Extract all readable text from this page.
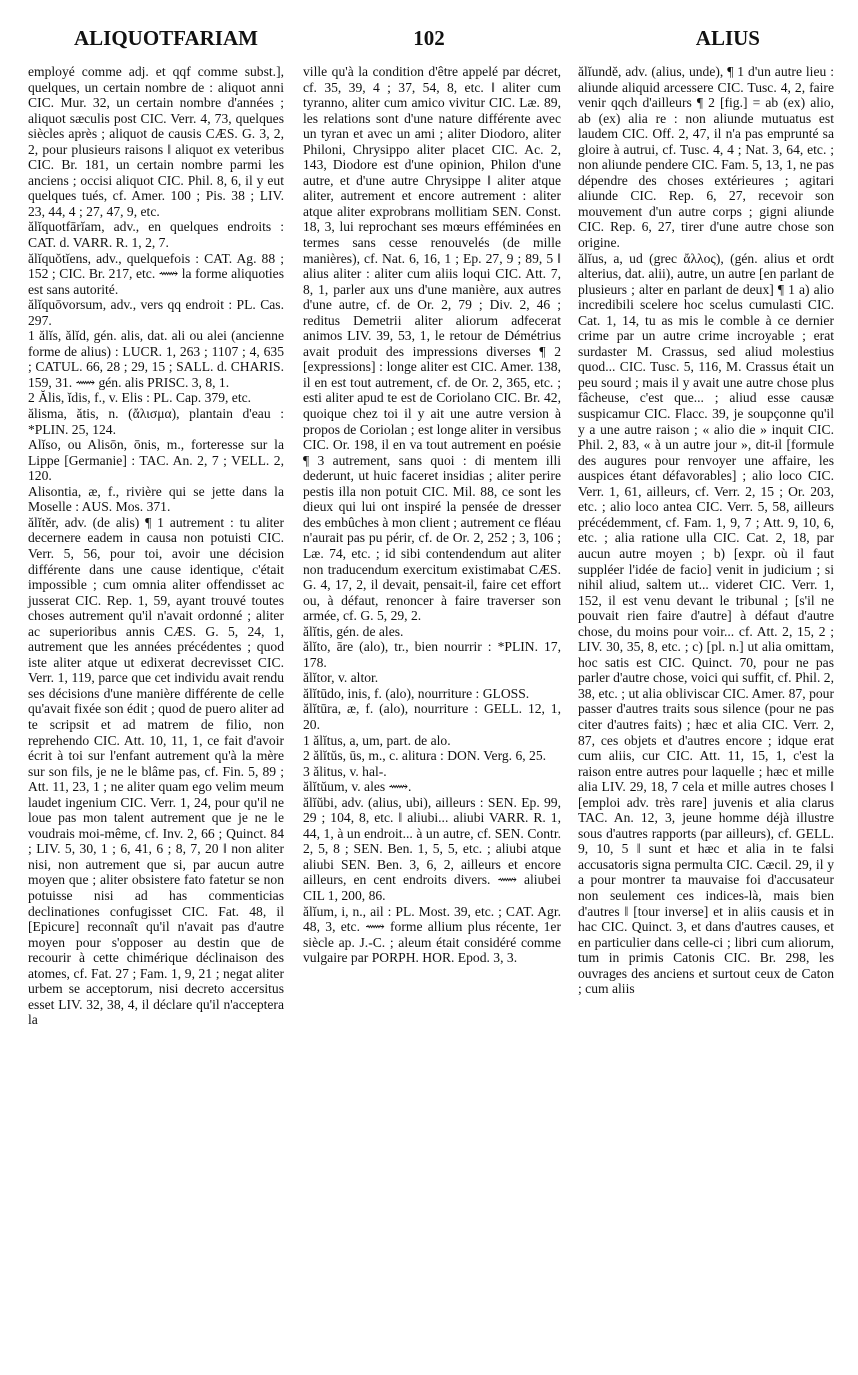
ALIQUOTFARIAM	102	ALIUS

employé comme adj. et qqf comme subst.], quelques, un certain nombre de : aliquot anni CIC. Mur. 32, un certain nombre d'années ; aliquot sæculis post CIC. Verr. 4, 73, quelques siècles après ; aliquot de causis CÆS. G. 3, 2, 2, pour plusieurs raisons ‖ aliquot ex veteribus CIC. Br. 181, un certain nombre parmi les anciens ; occisi aliquot CIC. Phil. 8, 6, il y eut quelques tués, cf. Amer. 100 ; Pis. 38 ; LIV. 23, 44, 4 ; 27, 47, 9, etc.

ălĭquotfārĭam, adv., en quelques endroits : CAT. d. VARR. R. 1, 2, 7.

ălĭquŏtĭens, adv., quelquefois : CAT. Ag. 88 ; 152 ; CIC. Br. 217, etc. ⟿ la forme aliquoties est sans autorité.

ălĭquōvorsum, adv., vers qq endroit : PL. Cas. 297.

1 ălĭs, ălĭd, gén. alis, dat. ali ou alei (ancienne forme de alius) : LUCR. 1, 263 ; 1107 ; 4, 635 ; CATUL. 66, 28 ; 29, 15 ; SALL. d. CHARIS. 159, 31. ⟿ gén. alis PRISC. 3, 8, 1.

2 Ălis, ĭdis, f., v. Elis : PL. Cap. 379, etc.

ălisma, ătis, n. (ἄλισμα), plantain d'eau : *PLIN. 25, 124.

Alĭso, ou Alisōn, ōnis, m., forteresse sur la Lippe [Germanie] : TAC. An. 2, 7 ; VELL. 2, 120.

Alisontia, æ, f., rivière qui se jette dans la Moselle : AUS. Mos. 371.

ălĭtĕr, adv. (de alis) ¶ 1 autrement : tu aliter decernere eadem in causa non potuisti CIC. Verr. 5, 56, pour toi, avoir une décision différente dans une cause identique, c'était impossible ; cum omnia aliter offendisset ac jusserat CIC. Rep. 1, 59, ayant trouvé toutes choses autrement qu'il n'avait ordonné ; aliter ac superioribus annis CÆS. G. 5, 24, 1, autrement que les années précédentes ; quod iste aliter atque ut edixerat decrevisset CIC. Verr. 1, 119, parce que cet individu avait rendu ses décisions d'une manière différente de celle qu'avait fixée son édit ; quod de puero aliter ad te scripsit et ad matrem de filio, non reprehendo CIC. Att. 10, 11, 1, ce fait d'avoir écrit à toi sur l'enfant autrement qu'à la mère sur son fils, je ne le blâme pas, cf. Fin. 5, 89 ; Att. 11, 23, 1 ; ne aliter quam ego velim meum laudet ingenium CIC. Verr. 1, 24, pour qu'il ne loue pas mon talent autrement que je ne le voudrais moi-même, cf. Inv. 2, 66 ; Quinct. 84 ; LIV. 5, 30, 1 ; 6, 41, 6 ; 8, 7, 20 ‖ non aliter nisi, non autrement que si, par aucun autre moyen que ; aliter obsistere fato fatetur se non potuisse nisi ad has commenticias declinationes confugisset CIC. Fat. 48, il [Epicure] reconnaît qu'il n'avait pas d'autre moyen pour s'opposer au destin que de recourir à cette chimérique déclinaison des atomes, cf. Fat. 27 ; Fam. 1, 9, 21 ; negat aliter urbem se acceptorum, nisi decreto accersitus esset LIV. 32, 38, 4, il déclare qu'il n'acceptera la

ville qu'à la condition d'être appelé par décret, cf. 35, 39, 4 ; 37, 54, 8, etc. ‖ aliter cum tyranno, aliter cum amico vivitur CIC. Læ. 89, les relations sont d'une nature différente avec un tyran et avec un ami ; aliter Diodoro, aliter Philoni, Chrysippo aliter placet CIC. Ac. 2, 143, Diodore est d'une opinion, Philon d'une autre, et d'une autre Chrysippe ‖ aliter atque aliter, autrement et encore autrement : aliter atque aliter exprobrans mollitiam SEN. Const. 18, 3, lui reprochant ses mœurs efféminées en termes sans cesse renouvelés (de mille manières), cf. Nat. 6, 16, 1 ; Ep. 27, 9 ; 89, 5 ‖ alius aliter : aliter cum aliis loqui CIC. Att. 7, 8, 1, parler aux uns d'une manière, aux autres d'une autre, cf. de Or. 2, 79 ; Div. 2, 46 ; reditus Demetrii aliter aliorum adfecerat animos LIV. 39, 53, 1, le retour de Démétrius avait produit des impressions diverses ¶ 2 [expressions] : longe aliter est CIC. Amer. 138, il en est tout autrement, cf. de Or. 2, 365, etc. ; esti aliter apud te est de Coriolano CIC. Br. 42, quoique chez toi il y ait une autre version à propos de Coriolan ; est longe aliter in versibus CIC. Or. 198, il en va tout autrement en poésie ¶ 3 autrement, sans quoi : di mentem illi dederunt, ut huic faceret insidias ; aliter perire pestis illa non potuit CIC. Mil. 88, ce sont les dieux qui lui ont inspiré la pensée de dresser des embûches à mon client ; autrement ce fléau n'aurait pas pu périr, cf. de Or. 2, 252 ; 3, 106 ; Læ. 74, etc. ; id sibi contendendum aut aliter non traducendum exercitum existimabat CÆS. G. 4, 17, 2, il devait, pensait-il, faire cet effort ou, à défaut, renoncer à faire traverser son armée, cf. G. 5, 29, 2.

ălĭtis, gén. de ales.

ălĭto, āre (alo), tr., bien nourrir : *PLIN. 17, 178.

ălĭtor, v. altor.

ălĭtūdo, inis, f. (alo), nourriture : GLOSS.

ălĭtūra, æ, f. (alo), nourriture : GELL. 12, 1, 20.

1 ălĭtus, a, um, part. de alo.

2 ălĭtŭs, ūs, m., c. alitura : DON. Verg. 6, 25.

3 ălitus, v. hal-.

ălĭtŭum, v. ales ⟿.

ălĭŭbi, adv. (alius, ubi), ailleurs : SEN. Ep. 99, 29 ; 104, 8, etc. ‖ aliubi... aliubi VARR. R. 1, 44, 1, à un endroit... à un autre, cf. SEN. Contr. 2, 5, 8 ; SEN. Ben. 1, 5, 5, etc. ; aliubi atque aliubi SEN. Ben. 3, 6, 2, ailleurs et encore ailleurs, en cent endroits divers. ⟿ aliubei CIL 1, 200, 86.

ălĭum, i, n., ail : PL. Most. 39, etc. ; CAT. Agr. 48, 3, etc. ⟿ forme allium plus récente, 1er siècle ap. J.-C. ; aleum était considéré comme vulgaire par PORPH. HOR. Epod. 3, 3.

ălĭundĕ, adv. (alius, unde), ¶ 1 d'un autre lieu : aliunde aliquid arcessere CIC. Tusc. 4, 2, faire venir qqch d'ailleurs ¶ 2 [fig.] = ab (ex) alio, ab (ex) alia re : non aliunde mutuatus est laudem CIC. Off. 2, 47, il n'a pas emprunté sa gloire à autrui, cf. Tusc. 4, 4 ; Nat. 3, 64, etc. ; non aliunde pendere CIC. Fam. 5, 13, 1, ne pas dépendre des choses extérieures ; agitari aliunde CIC. Rep. 6, 27, recevoir son mouvement d'un autre corps ; gigni aliunde CIC. Rep. 6, 27, tirer d'une autre chose son origine.

ălĭus, a, ud (grec ἄλλος), (gén. alius et ordt alterius, dat. alii), autre, un autre [en parlant de plusieurs ; alter en parlant de deux] ¶ 1 a) alio incredibili scelere hoc scelus cumulasti CIC. Cat. 1, 14, tu as mis le comble à ce dernier crime par un autre crime incroyable ; erat surdaster M. Crassus, sed aliud molestius quod... CIC. Tusc. 5, 116, M. Crassus était un peu sourd ; mais il y avait une autre chose plus fâcheuse, c'est que... ; aliud esse causæ suspicamur CIC. Flacc. 39, je soupçonne qu'il y a une autre raison ; « alio die » inquit CIC. Phil. 2, 83, « à un autre jour », dit-il [formule des augures pour renvoyer une affaire, les auspices étant défavorables] ; alio loco CIC. Verr. 1, 61, ailleurs, cf. Verr. 2, 15 ; Or. 203, etc. ; alio loco antea CIC. Verr. 5, 58, ailleurs précédemment, cf. Fam. 1, 9, 7 ; Att. 9, 10, 6, etc. ; alia ratione ulla CIC. Cat. 2, 18, par aucun autre moyen ; b) [expr. où il faut suppléer l'idée de facio] venit in judicium ; si nihil aliud, saltem ut... videret CIC. Verr. 1, 152, il est venu devant le tribunal ; [s'il ne pouvait rien faire d'autre] à défaut d'autre chose, du moins pour voir... cf. Att. 2, 15, 2 ; LIV. 30, 35, 8, etc. ; c) [pl. n.] ut alia omittam, hoc satis est CIC. Quinct. 70, pour ne pas parler d'autre chose, voici qui suffit, cf. Phil. 2, 38, etc. ; ut alia obliviscar CIC. Amer. 87, pour passer d'autres traits sous silence (pour ne pas citer d'autres faits) ; hæc et alia CIC. Verr. 2, 87, ces objets et d'autres encore ; idque erat cum aliis, cur CIC. Att. 11, 15, 1, c'est la raison entre autres pour laquelle ; hæc et mille alia LIV. 29, 18, 7 cela et mille autres choses ‖ [emploi adv. très rare] juvenis et alia clarus TAC. An. 12, 3, jeune homme déjà illustre sous d'autres rapports (par ailleurs), cf. GELL. 9, 10, 5 ‖ sunt et hæc et alia in te falsi accusatoris signa permulta CIC. Cæcil. 29, il y a pour montrer ta mauvaise foi d'accusateur non seulement ces indices-là, mais bien d'autres ‖ [tour inverse] et in aliis causis et in hac CIC. Quinct. 3, et dans d'autres causes, et en particulier dans celle-ci ; libri cum aliorum, tum in primis Catonis CIC. Br. 298, les ouvrages des anciens et surtout ceux de Caton ; cum aliis
